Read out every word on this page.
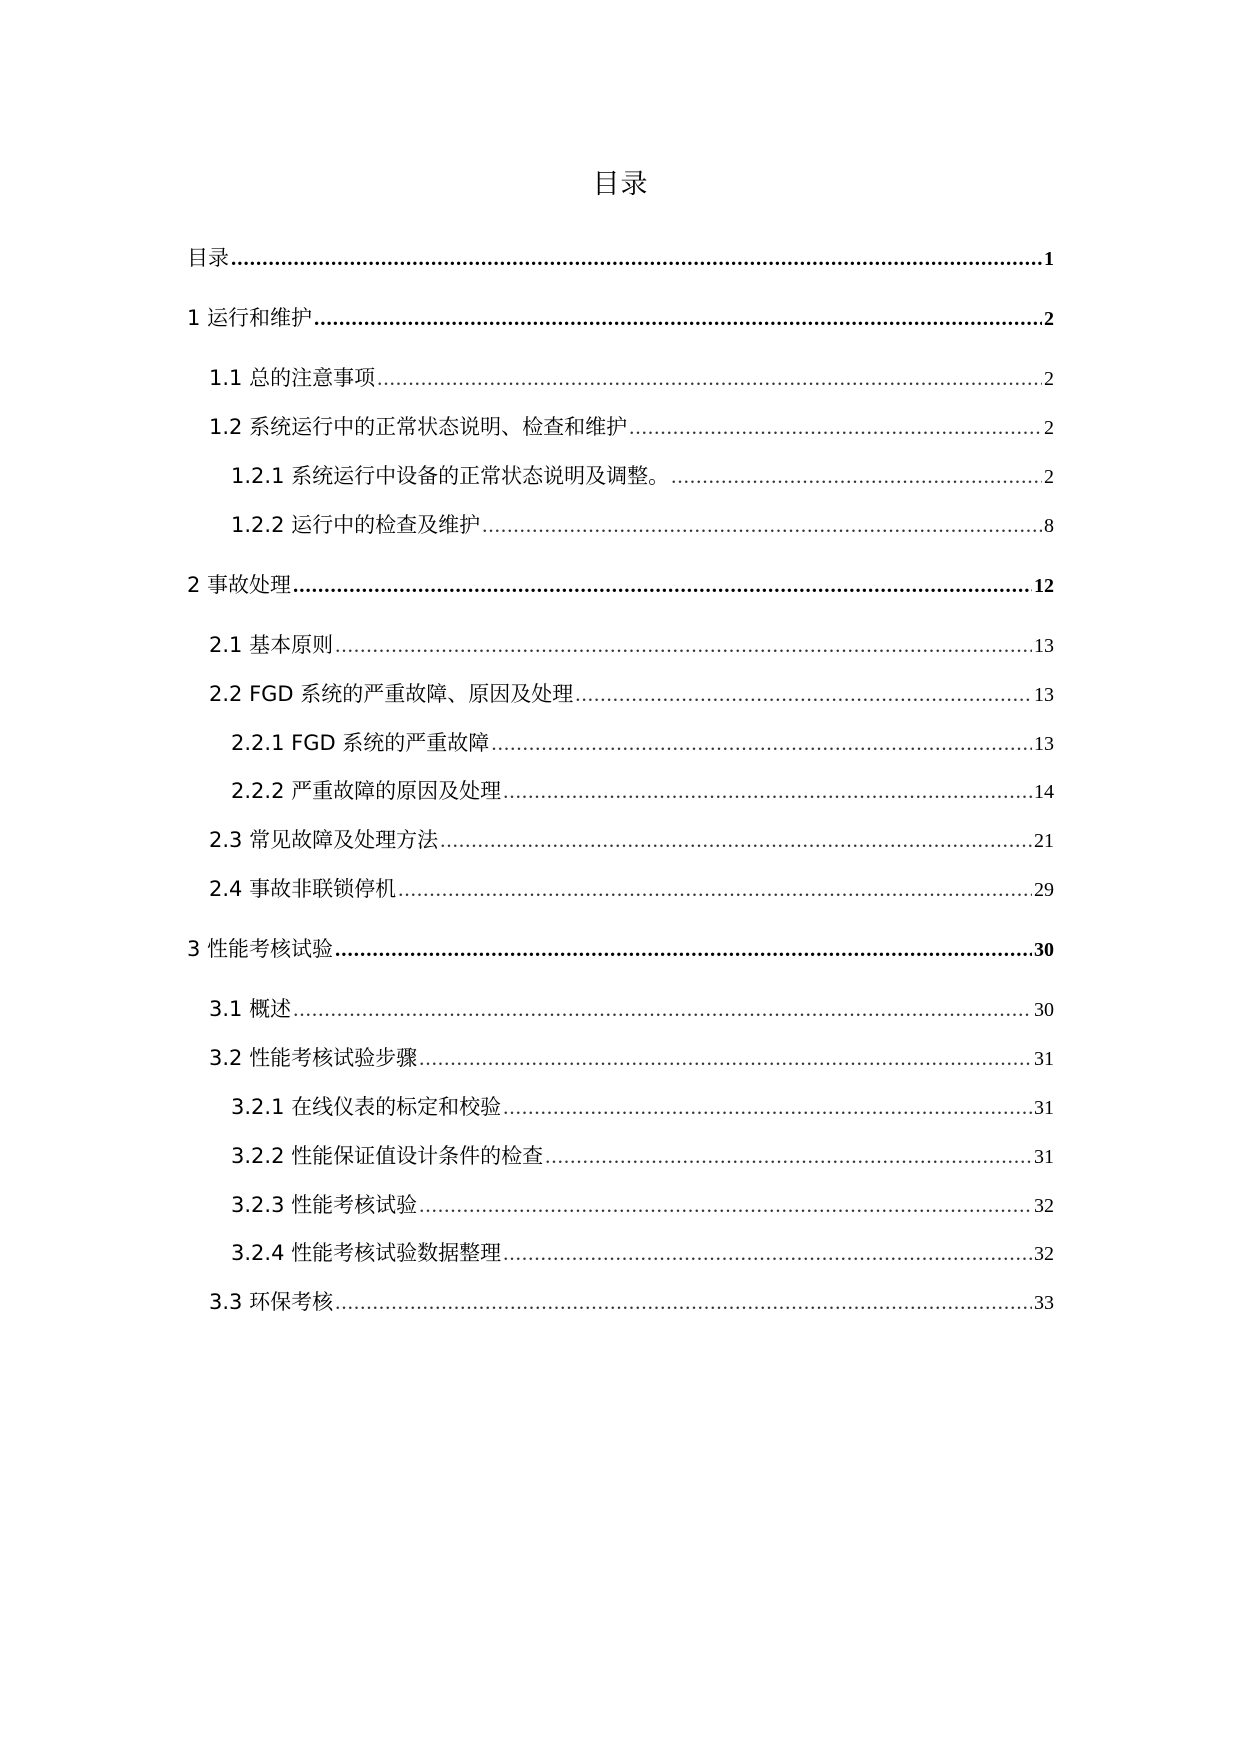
目录
目录 .....	1
1 运行和维护 .....	2
1.1 总的注意事项 .....	2
1.2 系统运行中的正常状态说明、检查和维护 .....	2
1.2.1 系统运行中设备的正常状态说明及调整。 .....	2
1.2.2 运行中的检查及维护 .....	8
2 事故处理 .....	12
2.1 基本原则 .....	13
2.2 FGD 系统的严重故障、原因及处理 .....	13
2.2.1 FGD 系统的严重故障 .....	13
2.2.2 严重故障的原因及处理 .....	14
2.3 常见故障及处理方法 .....	21
2.4 事故非联锁停机 .....	29
3 性能考核试验 .....	30
3.1 概述 .....	30
3.2 性能考核试验步骤 .....	31
3.2.1 在线仪表的标定和校验 .....	31
3.2.2 性能保证值设计条件的检查 .....	31
3.2.3 性能考核试验 .....	32
3.2.4 性能考核试验数据整理 .....	32
3.3 环保考核 .....	33
